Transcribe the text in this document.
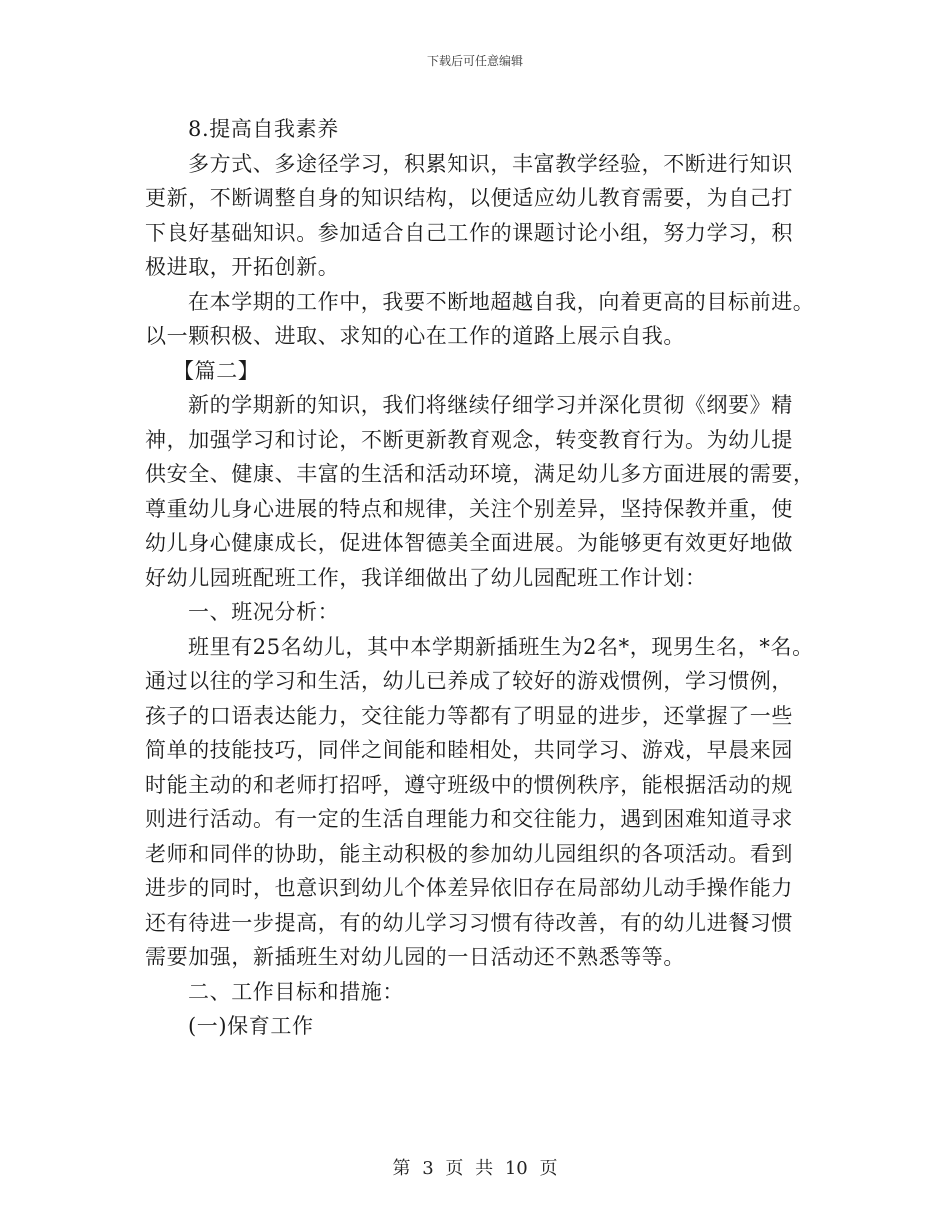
下载后可任意编辑
8.提高自我素养
多方式、多途径学习，积累知识，丰富教学经验，不断进行知识
更新，不断调整自身的知识结构，以便适应幼儿教育需要，为自己打
下良好基础知识。参加适合自己工作的课题讨论小组，努力学习，积
极进取，开拓创新。
在本学期的工作中，我要不断地超越自我，向着更高的目标前进。
以一颗积极、进取、求知的心在工作的道路上展示自我。
【篇二】
新的学期新的知识，我们将继续仔细学习并深化贯彻《纲要》精
神，加强学习和讨论，不断更新教育观念，转变教育行为。为幼儿提
供安全、健康、丰富的生活和活动环境，满足幼儿多方面进展的需要，
尊重幼儿身心进展的特点和规律，关注个别差异，坚持保教并重，使
幼儿身心健康成长，促进体智德美全面进展。为能够更有效更好地做
好幼儿园班配班工作，我详细做出了幼儿园配班工作计划：
一、班况分析：
班里有25名幼儿，其中本学期新插班生为2名*，现男生名，*名。
通过以往的学习和生活，幼儿已养成了较好的游戏惯例，学习惯例，
孩子的口语表达能力，交往能力等都有了明显的进步，还掌握了一些
简单的技能技巧，同伴之间能和睦相处，共同学习、游戏，早晨来园
时能主动的和老师打招呼，遵守班级中的惯例秩序，能根据活动的规
则进行活动。有一定的生活自理能力和交往能力，遇到困难知道寻求
老师和同伴的协助，能主动积极的参加幼儿园组织的各项活动。看到
进步的同时，也意识到幼儿个体差异依旧存在局部幼儿动手操作能力
还有待进一步提高，有的幼儿学习习惯有待改善，有的幼儿进餐习惯
需要加强，新插班生对幼儿园的一日活动还不熟悉等等。
二、工作目标和措施：
(一)保育工作
第 3 页 共 10 页
